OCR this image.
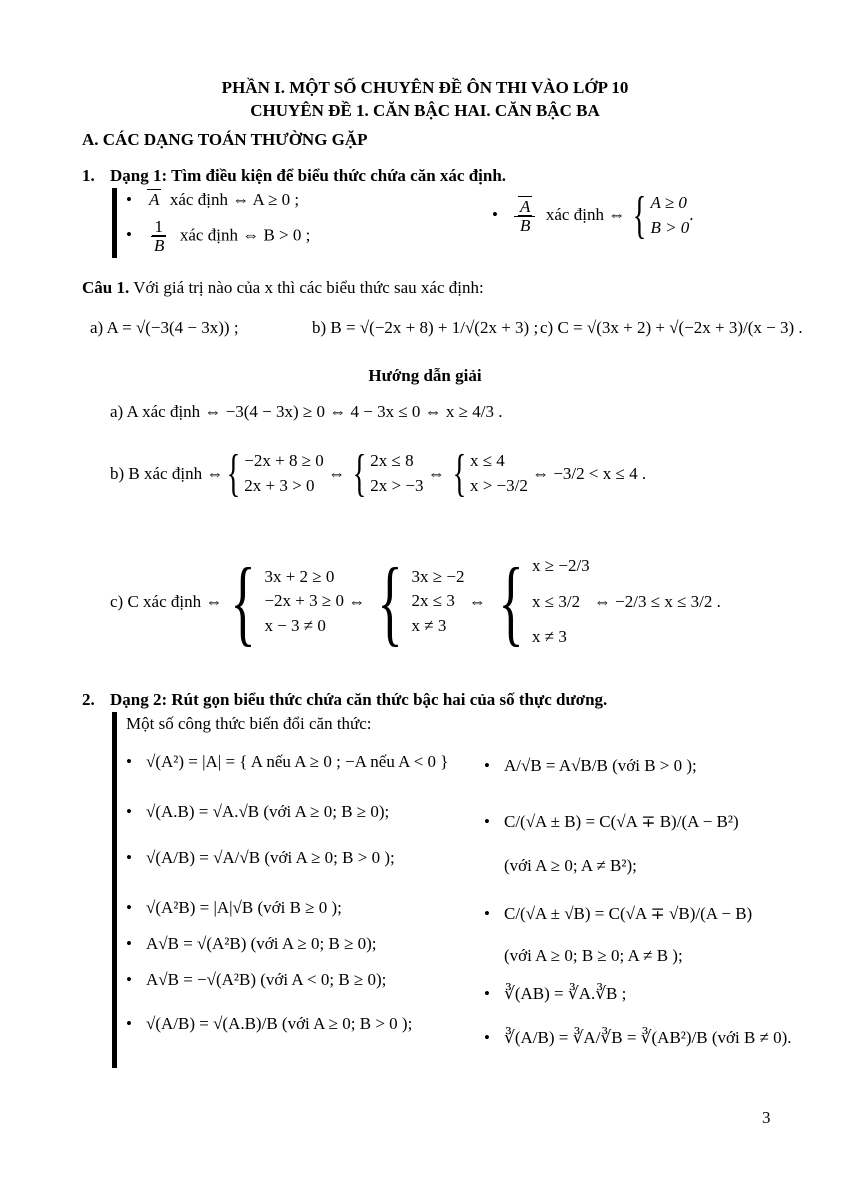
PHẦN I. MỘT SỐ CHUYÊN ĐỀ ÔN THI VÀO LỚP 10
CHUYÊN ĐỀ 1. CĂN BẬC HAI. CĂN BẬC BA
A. CÁC DẠNG TOÁN THƯỜNG GẶP
1. Dạng 1: Tìm điều kiện để biểu thức chứa căn xác định.
• A xác định ⇔ A ≥ 0 ;
• $\frac{1}{B}$ xác định ⇔ B > 0 ;
• $\frac{A}{B}$ xác định ⇔ { A ≥ 0
B > 0
.
Câu 1. Với giá trị nào của x thì các biểu thức sau xác định:
a) A = √(−3(4 − 3x)) ;	b) B = √(−2x + 8) + 1/√(2x + 3) ; c) C = √(3x + 2) + √(−2x + 3)/(x − 3) .
Hướng dẫn giải
a) A xác định ⇔ −3(4 − 3x) ≥ 0 ⇔ 4 − 3x ≤ 0 ⇔ x ≥ 4/3 .
b) B xác định ⇔ { −2x + 8 ≥ 0
2x + 3 > 0
⇔ { 2x ≤ 8
2x > −3
⇔ { x ≤ 4
x > −3/2

⇔ −3/2 < x ≤ 4 .
c) C xác định ⇔ { 3x + 2 ≥ 0
−2x + 3 ≥ 0
x − 3 ≠ 0
⇔ { 3x ≥ −2
2x ≤ 3
x ≠ 3
⇔ { x ≥ −2/3
x ≤ 3/2
x ≠ 3

⇔ −2/3 ≤ x ≤ 3/2 .
2. Dạng 2: Rút gọn biểu thức chứa căn thức bậc hai của số thực dương.
Một số công thức biến đổi căn thức:
• √(A²) = |A| = { A nếu A ≥ 0 ; −A nếu A < 0 }
• √(A.B) = √A.√B (với A ≥ 0; B ≥ 0);
• √(A/B) = √A/√B (với A ≥ 0; B > 0 );
• √(A²B) = |A|√B (với B ≥ 0 );
• A√B = √(A²B) (với A ≥ 0; B ≥ 0);
• A√B = −√(A²B) (với A < 0; B ≥ 0);
• √(A/B) = √(A.B)/B (với A ≥ 0; B > 0 );
• A/√B = A√B/B (với B > 0 );
• C/(√A ± B) = C(√A ∓ B)/(A − B²)
(với A ≥ 0; A ≠ B²);
• C/(√A ± √B) = C(√A ∓ √B)/(A − B)
(với A ≥ 0; B ≥ 0; A ≠ B );
• ∛(AB) = ∛A.∛B ;
• ∛(A/B) = ∛A/∛B = ∛(AB²)/B (với B ≠ 0).
3
